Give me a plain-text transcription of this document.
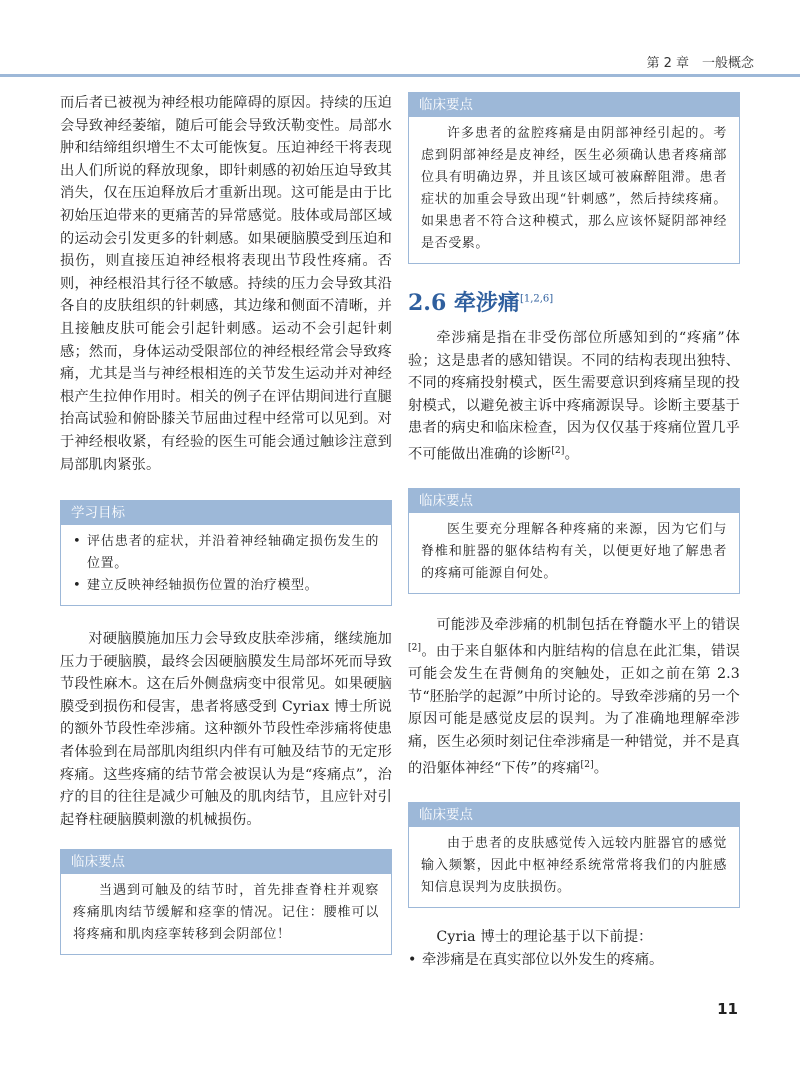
第 2 章　一般概念

而后者已被视为神经根功能障碍的原因。持续的压迫会导致神经萎缩，随后可能会导致沃勒变性。局部水肿和结缔组织增生不太可能恢复。压迫神经干将表现出人们所说的释放现象，即针刺感的初始压迫导致其消失，仅在压迫释放后才重新出现。这可能是由于比初始压迫带来的更痛苦的异常感觉。肢体或局部区域的运动会引发更多的针刺感。如果硬脑膜受到压迫和损伤，则直接压迫神经根将表现出节段性疼痛。否则，神经根沿其行径不敏感。持续的压力会导致其沿各自的皮肤组织的针刺感，其边缘和侧面不清晰，并且接触皮肤可能会引起针刺感。运动不会引起针刺感；然而，身体运动受限部位的神经根经常会导致疼痛，尤其是当与神经根相连的关节发生运动并对神经根产生拉伸作用时。相关的例子在评估期间进行直腿抬高试验和俯卧膝关节屈曲过程中经常可以见到。对于神经根收紧，有经验的医生可能会通过触诊注意到局部肌肉紧张。

学习目标
• 评估患者的症状，并沿着神经轴确定损伤发生的位置。
• 建立反映神经轴损伤位置的治疗模型。

对硬脑膜施加压力会导致皮肤牵涉痛，继续施加压力于硬脑膜，最终会因硬脑膜发生局部坏死而导致节段性麻木。这在后外侧盘病变中很常见。如果硬脑膜受到损伤和侵害，患者将感受到 Cyriax 博士所说的额外节段性牵涉痛。这种额外节段性牵涉痛将使患者体验到在局部肌肉组织内伴有可触及结节的无定形疼痛。这些疼痛的结节常会被误认为是“疼痛点”，治疗的目的往往是减少可触及的肌肉结节，且应针对引起脊柱硬脑膜刺激的机械损伤。

临床要点

当遇到可触及的结节时，首先排查脊柱并观察疼痛肌肉结节缓解和痉挛的情况。记住：腰椎可以将疼痛和肌肉痉挛转移到会阴部位！

临床要点

许多患者的盆腔疼痛是由阴部神经引起的。考虑到阴部神经是皮神经，医生必须确认患者疼痛部位具有明确边界，并且该区域可被麻醉阻滞。患者症状的加重会导致出现“针刺感”，然后持续疼痛。如果患者不符合这种模式，那么应该怀疑阴部神经是否受累。

2.6 牵涉痛[1,2,6]

牵涉痛是指在非受伤部位所感知到的“疼痛”体验；这是患者的感知错误。不同的结构表现出独特、不同的疼痛投射模式，医生需要意识到疼痛呈现的投射模式，以避免被主诉中疼痛源误导。诊断主要基于患者的病史和临床检查，因为仅仅基于疼痛位置几乎不可能做出准确的诊断[2]。

临床要点

医生要充分理解各种疼痛的来源，因为它们与脊椎和脏器的躯体结构有关，以便更好地了解患者的疼痛可能源自何处。

可能涉及牵涉痛的机制包括在脊髓水平上的错误[2]。由于来自躯体和内脏结构的信息在此汇集，错误可能会发生在背侧角的突触处，正如之前在第 2.3 节“胚胎学的起源”中所讨论的。导致牵涉痛的另一个原因可能是感觉皮层的误判。为了准确地理解牵涉痛，医生必须时刻记住牵涉痛是一种错觉，并不是真的沿躯体神经“下传”的疼痛[2]。

临床要点

由于患者的皮肤感觉传入远较内脏器官的感觉输入频繁，因此中枢神经系统常常将我们的内脏感知信息误判为皮肤损伤。

Cyria 博士的理论基于以下前提：

• 牵涉痛是在真实部位以外发生的疼痛。
11
